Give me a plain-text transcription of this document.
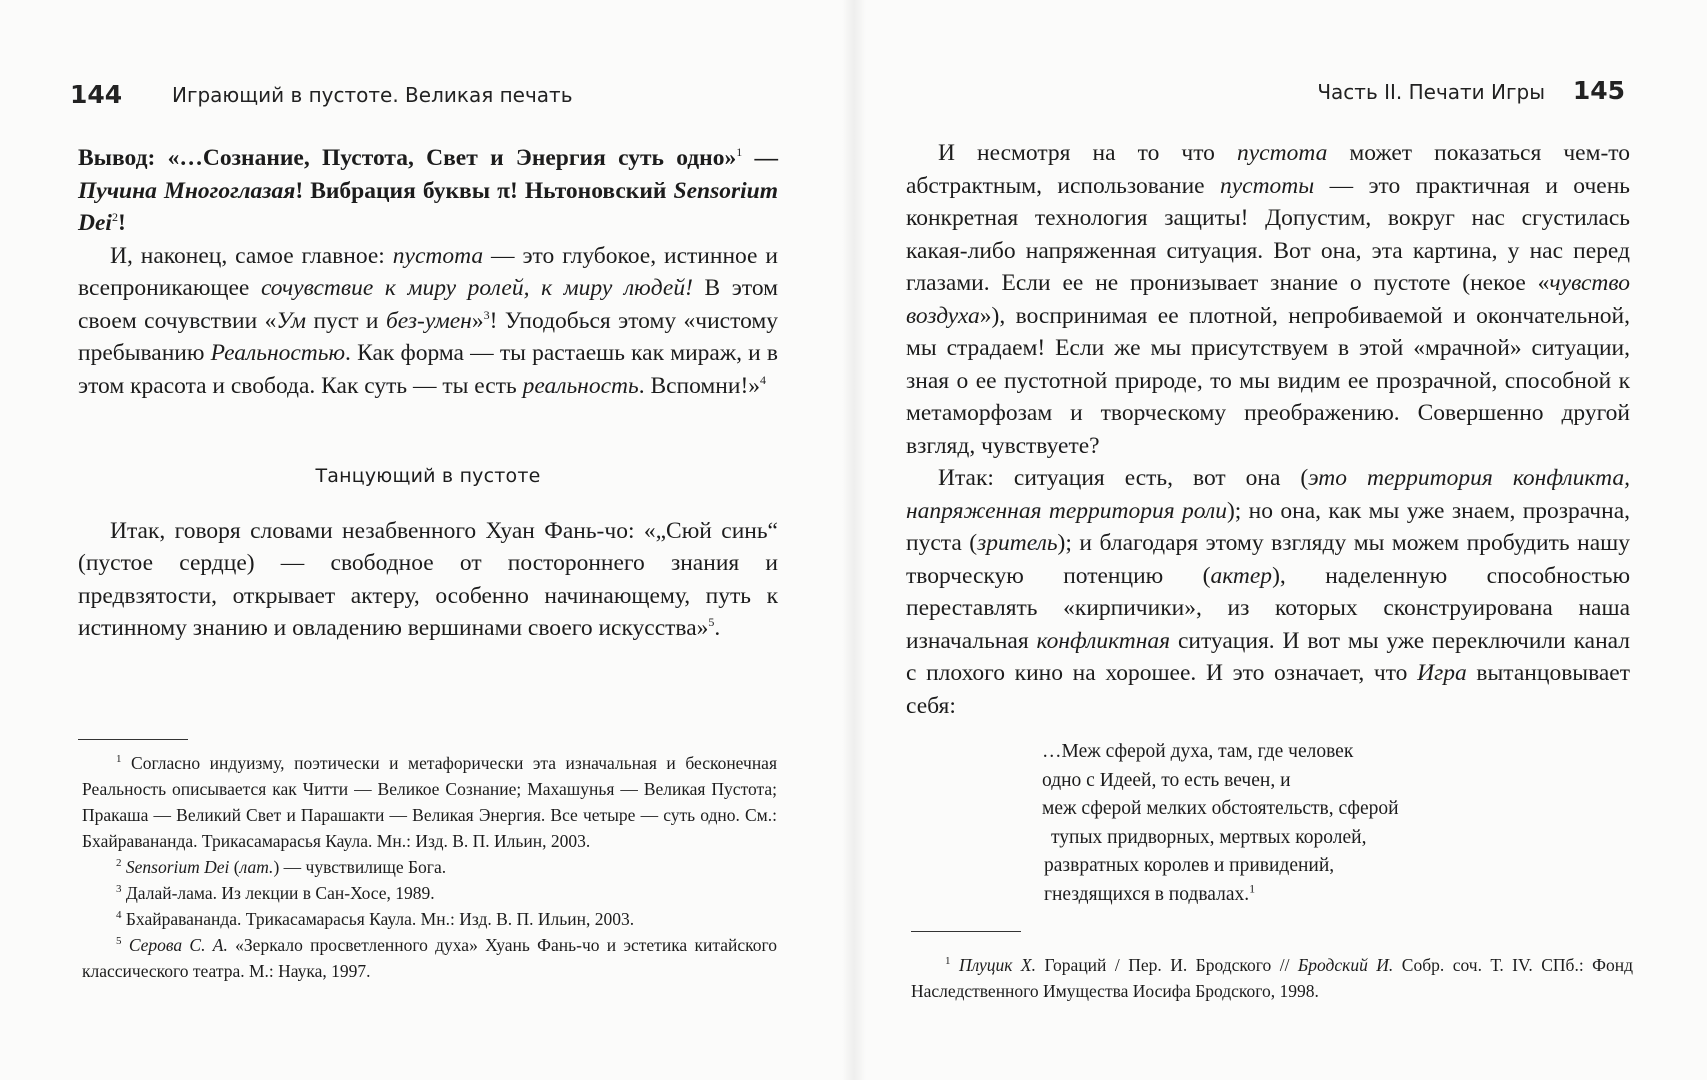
144 Играющий в пустоте. Великая печать

Вывод: «…Сознание, Пустота, Свет и Энергия суть одно»$^1$ — Пучина Многоглазая! Вибрация буквы π! Ньтоновский Sensorium Dei$^2$!

И, наконец, самое главное: пустота — это глубокое, истинное и всепроникающее сочувствие к миру ролей, к миру людей! В этом своем сочувствии «Ум пуст и без-умен»$^3$! Уподобься этому «чистому пребыванию Реальностью. Как форма — ты растаешь как мираж, и в этом красота и свобода. Как суть — ты есть реальность. Вспомни!»$^4$

Танцующий в пустоте

Итак, говоря словами незабвенного Хуан Фань-чо: «„Сюй синь“ (пустое сердце) — свободное от постороннего знания и предвзятости, открывает актеру, особенно начинающему, путь к истинному знанию и овладению вершинами своего искусства»$^5$.

$^1$ Согласно индуизму, поэтически и метафорически эта изначальная и бесконечная Реальность описывается как Читти — Великое Сознание; Махашунья — Великая Пустота; Пракаша — Великий Свет и Парашакти — Великая Энергия. Все четыре — суть одно. См.: Бхайравананда. Трикасамарасья Каула. Мн.: Изд. В. П. Ильин, 2003.

$^2$ Sensorium Dei (лат.) — чувствилище Бога.

$^3$ Далай-лама. Из лекции в Сан-Хосе, 1989.

$^4$ Бхайравананда. Трикасамарасья Каула. Мн.: Изд. В. П. Ильин, 2003.

$^5$ Серова С. А. «Зеркало просветленного духа» Хуань Фань-чо и эстетика китайского классического театра. М.: Наука, 1997.

Часть II. Печати Игры 145

И несмотря на то что пустота может показаться чем-то абстрактным, использование пустоты — это практичная и очень конкретная технология защиты! Допустим, вокруг нас сгустилась какая-либо напряженная ситуация. Вот она, эта картина, у нас перед глазами. Если ее не пронизывает знание о пустоте (некое «чувство воздуха»), воспринимая ее плотной, непробиваемой и окончательной, мы страдаем! Если же мы присутствуем в этой «мрачной» ситуации, зная о ее пустотной природе, то мы видим ее прозрачной, способной к метаморфозам и творческому преображению. Совершенно другой взгляд, чувствуете?

Итак: ситуация есть, вот она (это территория конфликта, напряженная территория роли); но она, как мы уже знаем, прозрачна, пуста (зритель); и благодаря этому взгляду мы можем пробудить нашу творческую потенцию (актер), наделенную способностью переставлять «кирпичики», из которых сконструирована наша изначальная конфликтная ситуация. И вот мы уже переключили канал с плохого кино на хорошее. И это означает, что Игра вытанцовывает себя:

…Меж сферой духа, там, где человек
одно с Идеей, то есть вечен, и
меж сферой мелких обстоятельств, сферой
тупых придворных, мертвых королей,
развратных королев и привидений,
гнездящихся в подвалах.$^1$

$^1$ Плуцик Х. Гораций / Пер. И. Бродского // Бродский И. Собр. соч. Т. IV. СПб.: Фонд Наследственного Имущества Иосифа Бродского, 1998.
